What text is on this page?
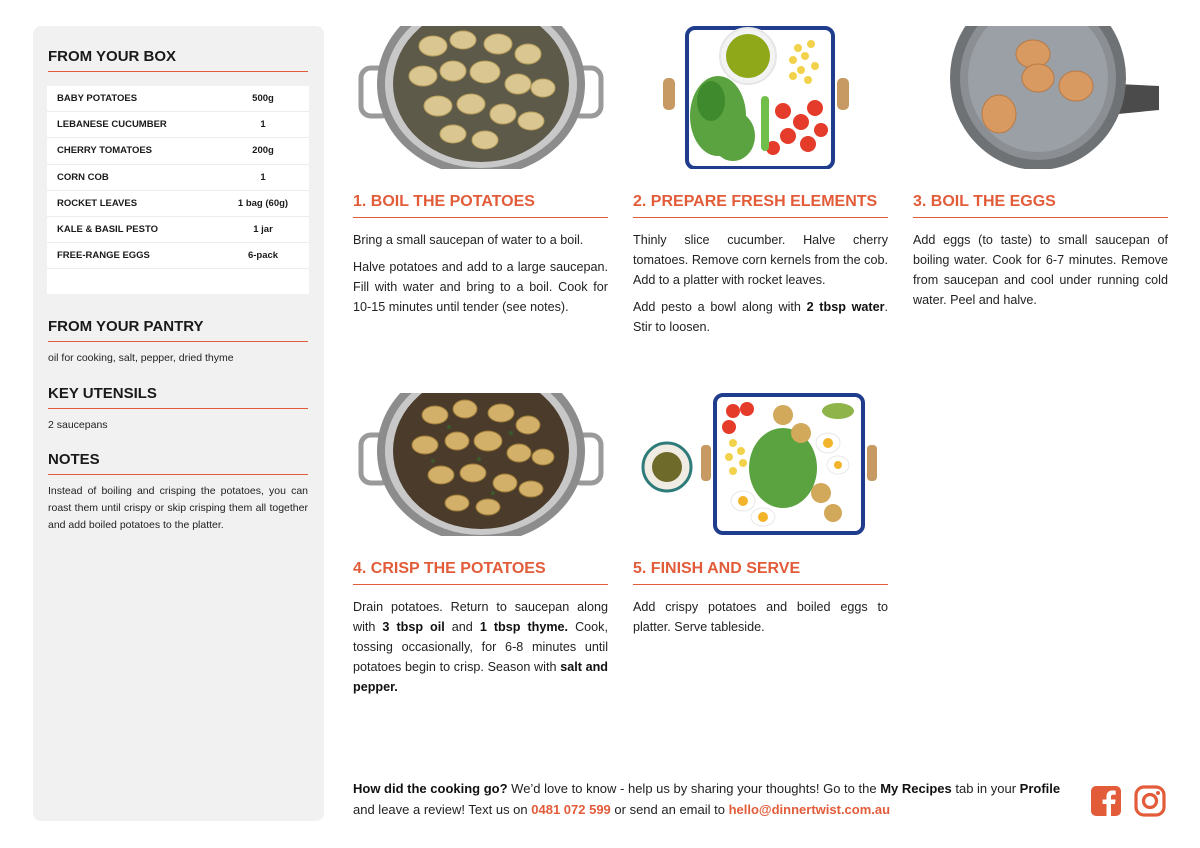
FROM YOUR BOX
BABY POTATOES	500g
LEBANESE CUCUMBER	1
CHERRY TOMATOES	200g
CORN COB	1
ROCKET LEAVES	1 bag (60g)
KALE & BASIL PESTO	1 jar
FREE-RANGE EGGS	6-pack
FROM YOUR PANTRY
oil for cooking, salt, pepper, dried thyme
KEY UTENSILS
2 saucepans
NOTES
Instead of boiling and crisping the potatoes, you can roast them until crispy or skip crisping them all together and add boiled potatoes to the platter.
1. BOIL THE POTATOES

Bring a small saucepan of water to a boil.

Halve potatoes and add to a large saucepan. Fill with water and bring to a boil. Cook for 10-15 minutes until tender (see notes).

2. PREPARE FRESH ELEMENTS

Thinly slice cucumber. Halve cherry tomatoes. Remove corn kernels from the cob. Add to a platter with rocket leaves.

Add pesto a bowl along with 2 tbsp water. Stir to loosen.

3. BOIL THE EGGS

Add eggs (to taste) to small saucepan of boiling water. Cook for 6-7 minutes. Remove from saucepan and cool under running cold water. Peel and halve.

4. CRISP THE POTATOES

Drain potatoes. Return to saucepan along with 3 tbsp oil and 1 tbsp thyme. Cook, tossing occasionally, for 6-8 minutes until potatoes begin to crisp. Season with salt and pepper.

5. FINISH AND SERVE

Add crispy potatoes and boiled eggs to platter. Serve tableside.

How did the cooking go? We’d love to know - help us by sharing your thoughts! Go to the My Recipes tab in your Profile and leave a review! Text us on 0481 072 599 or send an email to hello@dinnertwist.com.au
